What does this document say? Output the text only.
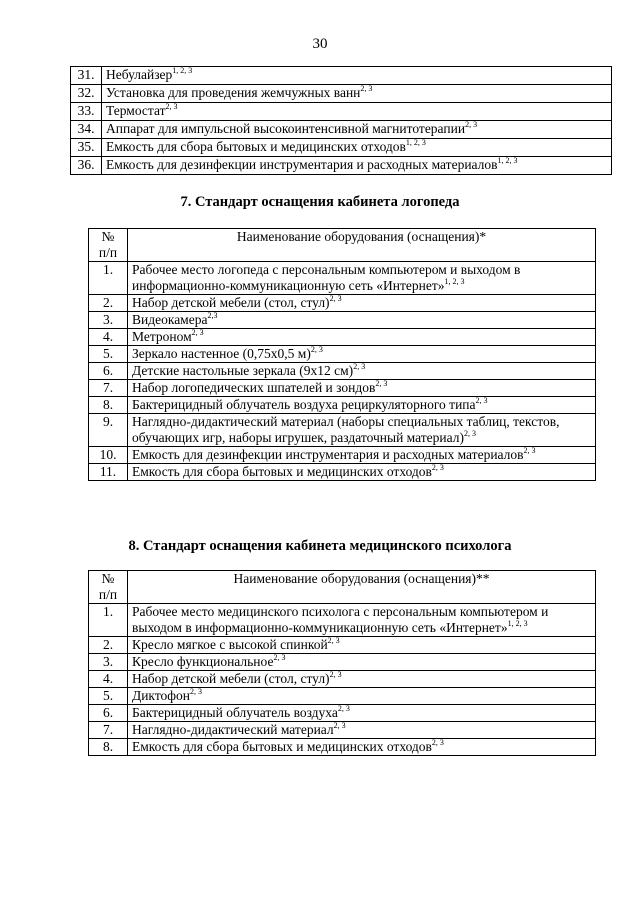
30
31.	Небулайзер$^{1, 2, 3}$
32.	Установка для проведения жемчужных ванн$^{2, 3}$
33.	Термостат$^{2, 3}$
34.	Аппарат для импульсной высокоинтенсивной магнитотерапии$^{2, 3}$
35.	Емкость для сбора бытовых и медицинских отходов$^{1, 2, 3}$
36.	Емкость для дезинфекции инструментария и расходных материалов$^{1, 2, 3}$
7. Стандарт оснащения кабинета логопеда
№
п/п	Наименование оборудования (оснащения)*
1.	Рабочее место логопеда с персональным компьютером и выходом в информационно-коммуникационную сеть «Интернет»$^{1, 2, 3}$
2.	Набор детской мебели (стол, стул)$^{2, 3}$
3.	Видеокамера$^{2,3}$
4.	Метроном$^{2, 3}$
5.	Зеркало настенное (0,75х0,5 м)$^{2, 3}$
6.	Детские настольные зеркала (9х12 см)$^{2, 3}$
7.	Набор логопедических шпателей и зондов$^{2, 3}$
8.	Бактерицидный облучатель воздуха рециркуляторного типа$^{2, 3}$
9.	Наглядно-дидактический материал (наборы специальных таблиц, текстов, обучающих игр, наборы игрушек, раздаточный материал)$^{2, 3}$
10.	Емкость для дезинфекции инструментария и расходных материалов$^{2, 3}$
11.	Емкость для сбора бытовых и медицинских отходов$^{2, 3}$
8. Стандарт оснащения кабинета медицинского психолога
№
п/п	Наименование оборудования (оснащения)**
1.	Рабочее место медицинского психолога с персональным компьютером и выходом в информационно-коммуникационную сеть «Интернет»$^{1, 2, 3}$
2.	Кресло мягкое с высокой спинкой$^{2, 3}$
3.	Кресло функциональное$^{2, 3}$
4.	Набор детской мебели (стол, стул)$^{2, 3}$
5.	Диктофон$^{2, 3}$
6.	Бактерицидный облучатель воздуха$^{2, 3}$
7.	Наглядно-дидактический материал$^{2, 3}$
8.	Емкость для сбора бытовых и медицинских отходов$^{2, 3}$
